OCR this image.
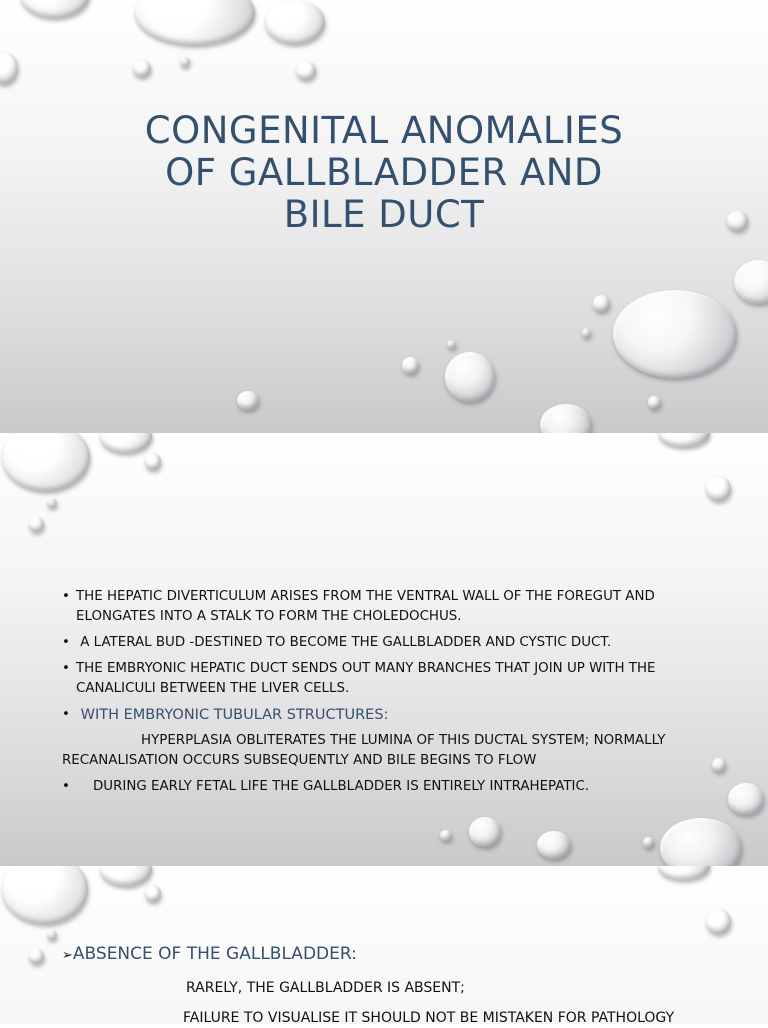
CONGENITAL ANOMALIES
OF GALLBLADDER AND
BILE DUCT
• THE HEPATIC DIVERTICULUM ARISES FROM THE VENTRAL WALL OF THE FOREGUT AND
ELONGATES INTO A STALK TO FORM THE CHOLEDOCHUS.
• A LATERAL BUD -DESTINED TO BECOME THE GALLBLADDER AND CYSTIC DUCT.
• THE EMBRYONIC HEPATIC DUCT SENDS OUT MANY BRANCHES THAT JOIN UP WITH THE
CANALICULI BETWEEN THE LIVER CELLS.
• WITH EMBRYONIC TUBULAR STRUCTURES:
HYPERPLASIA OBLITERATES THE LUMINA OF THIS DUCTAL SYSTEM; NORMALLY
RECANALISATION OCCURS SUBSEQUENTLY AND BILE BEGINS TO FLOW
•	DURING EARLY FETAL LIFE THE GALLBLADDER IS ENTIRELY INTRAHEPATIC.
➢ABSENCE OF THE GALLBLADDER:
RARELY, THE GALLBLADDER IS ABSENT;
FAILURE TO VISUALISE IT SHOULD NOT BE MISTAKEN FOR PATHOLOGY
